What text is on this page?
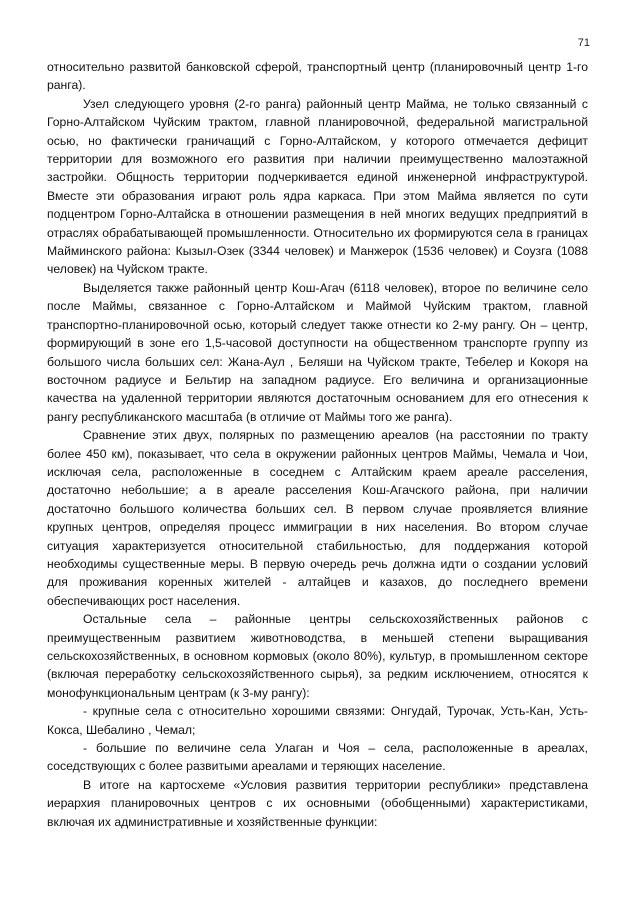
71

относительно развитой банковской сферой, транспортный центр (планировочный центр 1-го ранга).

Узел следующего уровня (2-го ранга) районный центр Майма, не только связанный с Горно-Алтайском Чуйским трактом, главной планировочной, федеральной магистральной осью, но фактически граничащий с Горно-Алтайском, у которого отмечается дефицит территории для возможного его развития при наличии преимущественно малоэтажной застройки. Общность территории подчеркивается единой инженерной инфраструктурой. Вместе эти образования играют роль ядра каркаса. При этом Майма является по сути подцентром Горно-Алтайска в отношении размещения в ней многих ведущих предприятий в отраслях обрабатывающей промышленности. Относительно их формируются села в границах Майминского района: Кызыл-Озек (3344 человек) и Манжерок (1536 человек) и Соузга (1088 человек) на Чуйском тракте.

Выделяется также районный центр Кош-Агач (6118 человек), второе по величине село после Маймы, связанное с Горно-Алтайском и Маймой Чуйским трактом, главной транспортно-планировочной осью, который следует также отнести ко 2-му рангу. Он – центр, формирующий в зоне его 1,5-часовой доступности на общественном транспорте группу из большого числа больших сел: Жана-Аул , Беляши на Чуйском тракте, Тебелер и Кокоря на восточном радиусе и Бельтир на западном радиусе. Его величина и организационные качества на удаленной территории являются достаточным основанием для его отнесения к рангу республиканского масштаба (в отличие от Маймы того же ранга).

Сравнение этих двух, полярных по размещению ареалов (на расстоянии по тракту более 450 км), показывает, что села в окружении районных центров Маймы, Чемала и Чои, исключая села, расположенные в соседнем с Алтайским краем ареале расселения, достаточно небольшие; а в ареале расселения Кош-Агачского района, при наличии достаточно большого количества больших сел. В первом случае проявляется влияние крупных центров, определяя процесс иммиграции в них населения. Во втором случае ситуация характеризуется относительной стабильностью, для поддержания которой необходимы существенные меры. В первую очередь речь должна идти о создании условий для проживания коренных жителей - алтайцев и казахов, до последнего времени обеспечивающих рост населения.

Остальные села – районные центры сельскохозяйственных районов с преимущественным развитием животноводства, в меньшей степени выращивания сельскохозяйственных, в основном кормовых (около 80%), культур, в промышленном секторе (включая переработку сельскохозяйственного сырья), за редким исключением, относятся к монофункциональным центрам (к 3-му рангу):

- крупные села с относительно хорошими связями: Онгудай, Турочак, Усть-Кан, Усть-Кокса, Шебалино , Чемал;

- большие по величине села Улаган и Чоя – села, расположенные в ареалах, соседствующих с более развитыми ареалами и теряющих население.

В итоге на картосхеме «Условия развития территории республики» представлена иерархия планировочных центров с их основными (обобщенными) характеристиками, включая их административные и хозяйственные функции:
